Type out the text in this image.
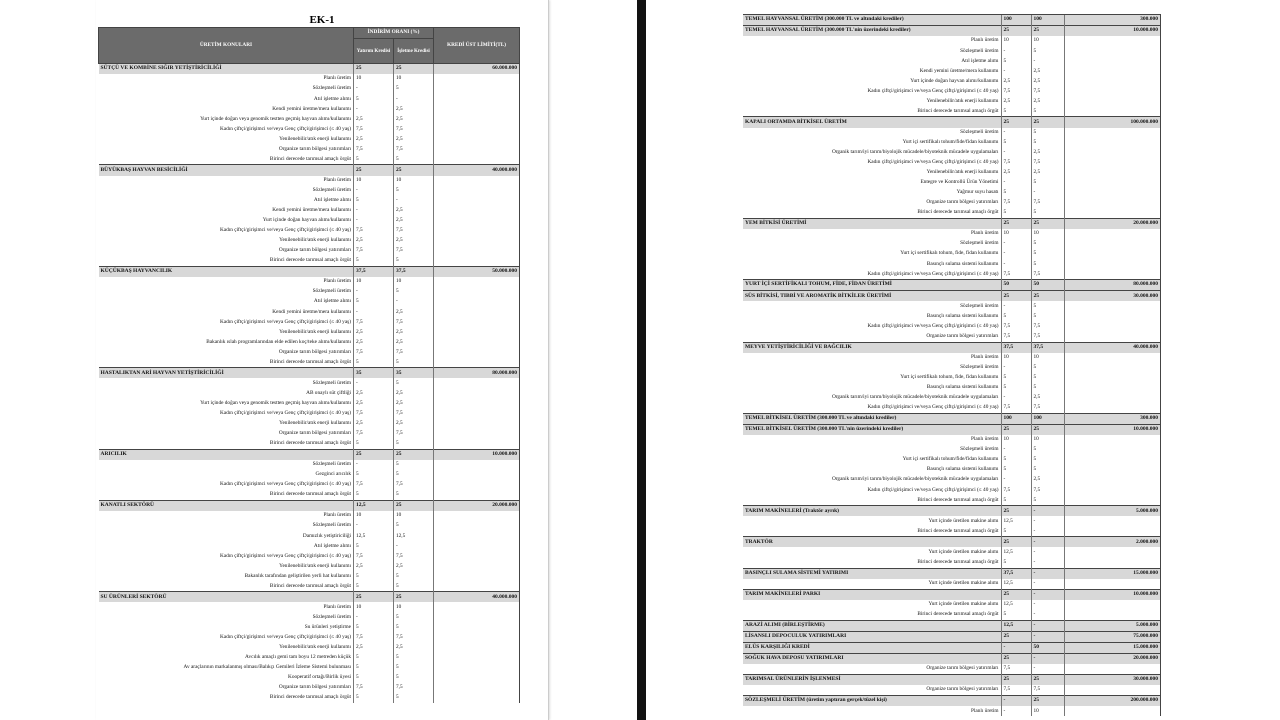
EK-1
ÜRETİM KONULARI	İNDİRİM ORANI (%)		KREDİ ÜST LİMİTİ(TL)
	Yatırım Kredisi	İşletme Kredisi	
SÜTÇÜ VE KOMBİNE SIĞIR YETİŞTİRİCİLİĞİ	25	25	60.000.000
Planlı üretim	10	10	
Sözleşmeli üretim	-	5	
Atıl işletme alımı	5	-	
Kendi yemini üretme/mera kullanımı	-	2,5	
Yurt içinde doğan veya genomik testten geçmiş hayvan alımı/kullanımı	2,5	2,5	
Kadın çiftçi/girişimci ve/veya Genç çiftçi/girişimci (≤ 40 yaş)	7,5	7,5	
Yenilenebilir/atık enerji kullanımı	2,5	2,5	
Organize tarım bölgesi yatırımları	7,5	7,5	
Birinci derecede tarımsal amaçlı örgüt	5	5	
BÜYÜKBAŞ HAYVAN BESİCİLİĞİ	25	25	40.000.000
Planlı üretim	10	10	
Sözleşmeli üretim	-	5	
Atıl işletme alımı	5	-	
Kendi yemini üretme/mera kullanımı	-	2,5	
Yurt içinde doğan hayvan alımı/kullanımı	-	2,5	
Kadın çiftçi/girişimci ve/veya Genç çiftçi/girişimci (≤ 40 yaş)	7,5	7,5	
Yenilenebilir/atık enerji kullanımı	2,5	2,5	
Organize tarım bölgesi yatırımları	7,5	7,5	
Birinci derecede tarımsal amaçlı örgüt	5	5	
KÜÇÜKBAŞ HAYVANCILIK	37,5	37,5	50.000.000
Planlı üretim	10	10	
Sözleşmeli üretim	-	5	
Atıl işletme alımı	5	-	
Kendi yemini üretme/mera kullanımı	-	2,5	
Kadın çiftçi/girişimci ve/veya Genç çiftçi/girişimci (≤ 40 yaş)	7,5	7,5	
Yenilenebilir/atık enerji kullanımı	2,5	2,5	
Bakanlık ıslah programlarından elde edilen koç/teke alımı/kullanımı	2,5	2,5	
Organize tarım bölgesi yatırımları	7,5	7,5	
Birinci derecede tarımsal amaçlı örgüt	5	5	
HASTALIKTAN ARİ HAYVAN YETİŞTİRİCİLİĞİ	35	35	80.000.000
Sözleşmeli üretim	-	5	
AB onaylı süt çiftliği	2,5	2,5	
Yurt içinde doğan veya genomik testten geçmiş hayvan alımı/kullanımı	2,5	2,5	
Kadın çiftçi/girişimci ve/veya Genç çiftçi/girişimci (≤ 40 yaş)	7,5	7,5	
Yenilenebilir/atık enerji kullanımı	2,5	2,5	
Organize tarım bölgesi yatırımları	7,5	7,5	
Birinci derecede tarımsal amaçlı örgüt	5	5	
ARICILIK	25	25	10.000.000
Sözleşmeli üretim	-	5	
Gezginci arıcılık	5	5	
Kadın çiftçi/girişimci ve/veya Genç çiftçi/girişimci (≤ 40 yaş)	7,5	7,5	
Birinci derecede tarımsal amaçlı örgüt	5	5	
KANATLI SEKTÖRÜ	12,5	25	20.000.000
Planlı üretim	10	10	
Sözleşmeli üretim	-	5	
Damızlık yetiştiriciliği	12,5	12,5	
Atıl işletme alımı	5	-	
Kadın çiftçi/girişimci ve/veya Genç çiftçi/girişimci (≤ 40 yaş)	7,5	7,5	
Yenilenebilir/atık enerji kullanımı	2,5	2,5	
Bakanlık tarafından geliştirilen yerli hat kullanımı	5	5	
Birinci derecede tarımsal amaçlı örgüt	5	5	
SU ÜRÜNLERİ SEKTÖRÜ	25	25	40.000.000
Planlı üretim	10	10	
Sözleşmeli üretim	-	5	
Su ürünleri yetiştirme	5	5	
Kadın çiftçi/girişimci ve/veya Genç çiftçi/girişimci (≤ 40 yaş)	7,5	7,5	
Yenilenebilir/atık enerji kullanımı	2,5	2,5	
Avcılık amaçlı gemi tam boyu 12 metreden küçük	5	5	
Av araçlarının markalanmış olması/Balıkçı Gemileri İzleme Sistemi bulunması	5	5	
Kooperatif ortağı/Birlik üyesi	5	5	
Organize tarım bölgesi yatırımları	7,5	7,5	
Birinci derecede tarımsal amaçlı örgüt	5	5	
TEMEL HAYVANSAL ÜRETİM (300.000 TL ve altındaki krediler)	100	100	300.000
TEMEL HAYVANSAL ÜRETİM (300.000 TL'nin üzerindeki krediler)	25	25	10.000.000
Planlı üretim	10	10	
Sözleşmeli üretim	-	5	
Atıl işletme alımı	5	-	
Kendi yemini üretme/mera kullanımı	-	2,5	
Yurt içinde doğan hayvan alımı/kullanımı	2,5	2,5	
Kadın çiftçi/girişimci ve/veya Genç çiftçi/girişimci (≤ 40 yaş)	7,5	7,5	
Yenilenebilir/atık enerji kullanımı	2,5	2,5	
Birinci derecede tarımsal amaçlı örgüt	5	5	
KAPALI ORTAMDA BİTKİSEL ÜRETİM	25	25	100.000.000
Sözleşmeli üretim	-	5	
Yurt içi sertifikalı tohum/fide/fidan kullanımı	5	5	
Organik tarım/iyi tarım/biyolojik mücadele/biyoteknik mücadele uygulamaları	-	2,5	
Kadın çiftçi/girişimci ve/veya Genç çiftçi/girişimci (≤ 40 yaş)	7,5	7,5	
Yenilenebilir/atık enerji kullanımı	2,5	2,5	
Entegre ve Kontrollü Ürün Yönetimi	-	5	
Yağmur suyu hasatı	5	-	
Organize tarım bölgesi yatırımları	7,5	7,5	
Birinci derecede tarımsal amaçlı örgüt	5	5	
YEM BİTKİSİ ÜRETİMİ	25	25	20.000.000
Planlı üretim	10	10	
Sözleşmeli üretim	-	5	
Yurt içi sertifikalı tohum, fide, fidan kullanımı	-	5	
Basınçlı sulama sistemi kullanımı	-	5	
Kadın çiftçi/girişimci ve/veya Genç çiftçi/girişimci (≤ 40 yaş)	7,5	7,5	
YURT İÇİ SERTİFİKALI TOHUM, FİDE, FİDAN ÜRETİMİ	50	50	80.000.000
SÜS BİTKİSİ, TIBBİ VE AROMATİK BİTKİLER ÜRETİMİ	25	25	30.000.000
Sözleşmeli üretim	-	5	
Basınçlı sulama sistemi kullanımı	5	5	
Kadın çiftçi/girişimci ve/veya Genç çiftçi/girişimci (≤ 40 yaş)	7,5	7,5	
Organize tarım bölgesi yatırımları	7,5	7,5	
MEYVE YETİŞTİRİCİLİĞİ VE BAĞCILIK	37,5	37,5	40.000.000
Planlı üretim	10	10	
Sözleşmeli üretim	-	5	
Yurt içi sertifikalı tohum, fide, fidan kullanımı	5	5	
Basınçlı sulama sistemi kullanımı	5	5	
Organik tarım/iyi tarım/biyolojik mücadele/biyoteknik mücadele uygulamaları	-	2,5	
Kadın çiftçi/girişimci ve/veya Genç çiftçi/girişimci (≤ 40 yaş)	7,5	7,5	
TEMEL BİTKİSEL ÜRETİM (300.000 TL ve altındaki krediler)	100	100	300.000
TEMEL BİTKİSEL ÜRETİM (300.000 TL'nin üzerindeki krediler)	25	25	10.000.000
Planlı üretim	10	10	
Sözleşmeli üretim	-	5	
Yurt içi sertifikalı tohum/fide/fidan kullanımı	5	5	
Basınçlı sulama sistemi kullanımı	5	5	
Organik tarım/iyi tarım/biyolojik mücadele/biyoteknik mücadele uygulamaları	-	2,5	
Kadın çiftçi/girişimci ve/veya Genç çiftçi/girişimci (≤ 40 yaş)	7,5	7,5	
Birinci derecede tarımsal amaçlı örgüt	5	5	
TARIM MAKİNELERİ (Traktör ayrık)	25	-	5.000.000
Yurt içinde üretilen makine alımı	12,5	-	
Birinci derecede tarımsal amaçlı örgüt	5	-	
TRAKTÖR	25	-	2.000.000
Yurt içinde üretilen makine alımı	12,5	-	
Birinci derecede tarımsal amaçlı örgüt	5	-	
BASINÇLI SULAMA SİSTEMİ YATIRIMI	37,5	-	15.000.000
Yurt içinde üretilen makine alımı	12,5	-	
TARIM MAKİNELERİ PARKI	25	-	10.000.000
Yurt içinde üretilen makine alımı	12,5	-	
Birinci derecede tarımsal amaçlı örgüt	5	-	
ARAZİ ALIMI (BİRLEŞTİRME)	12,5	-	5.000.000
LİSANSLI DEPOCULUK YATIRIMLARI	25	-	75.000.000
ELÜS KARŞILIĞI KREDİ	-	50	15.000.000
SOĞUK HAVA DEPOSU YATIRIMLARI	25	-	20.000.000
Organize tarım bölgesi yatırımları	7,5	-	
TARIMSAL ÜRÜNLERİN İŞLENMESİ	25	25	30.000.000
Organize tarım bölgesi yatırımları	7,5	7,5	
SÖZLEŞMELİ ÜRETİM (üretim yaptıran gerçek/tüzel kişi)	-	25	200.000.000
Planlı üretim	-	10	
